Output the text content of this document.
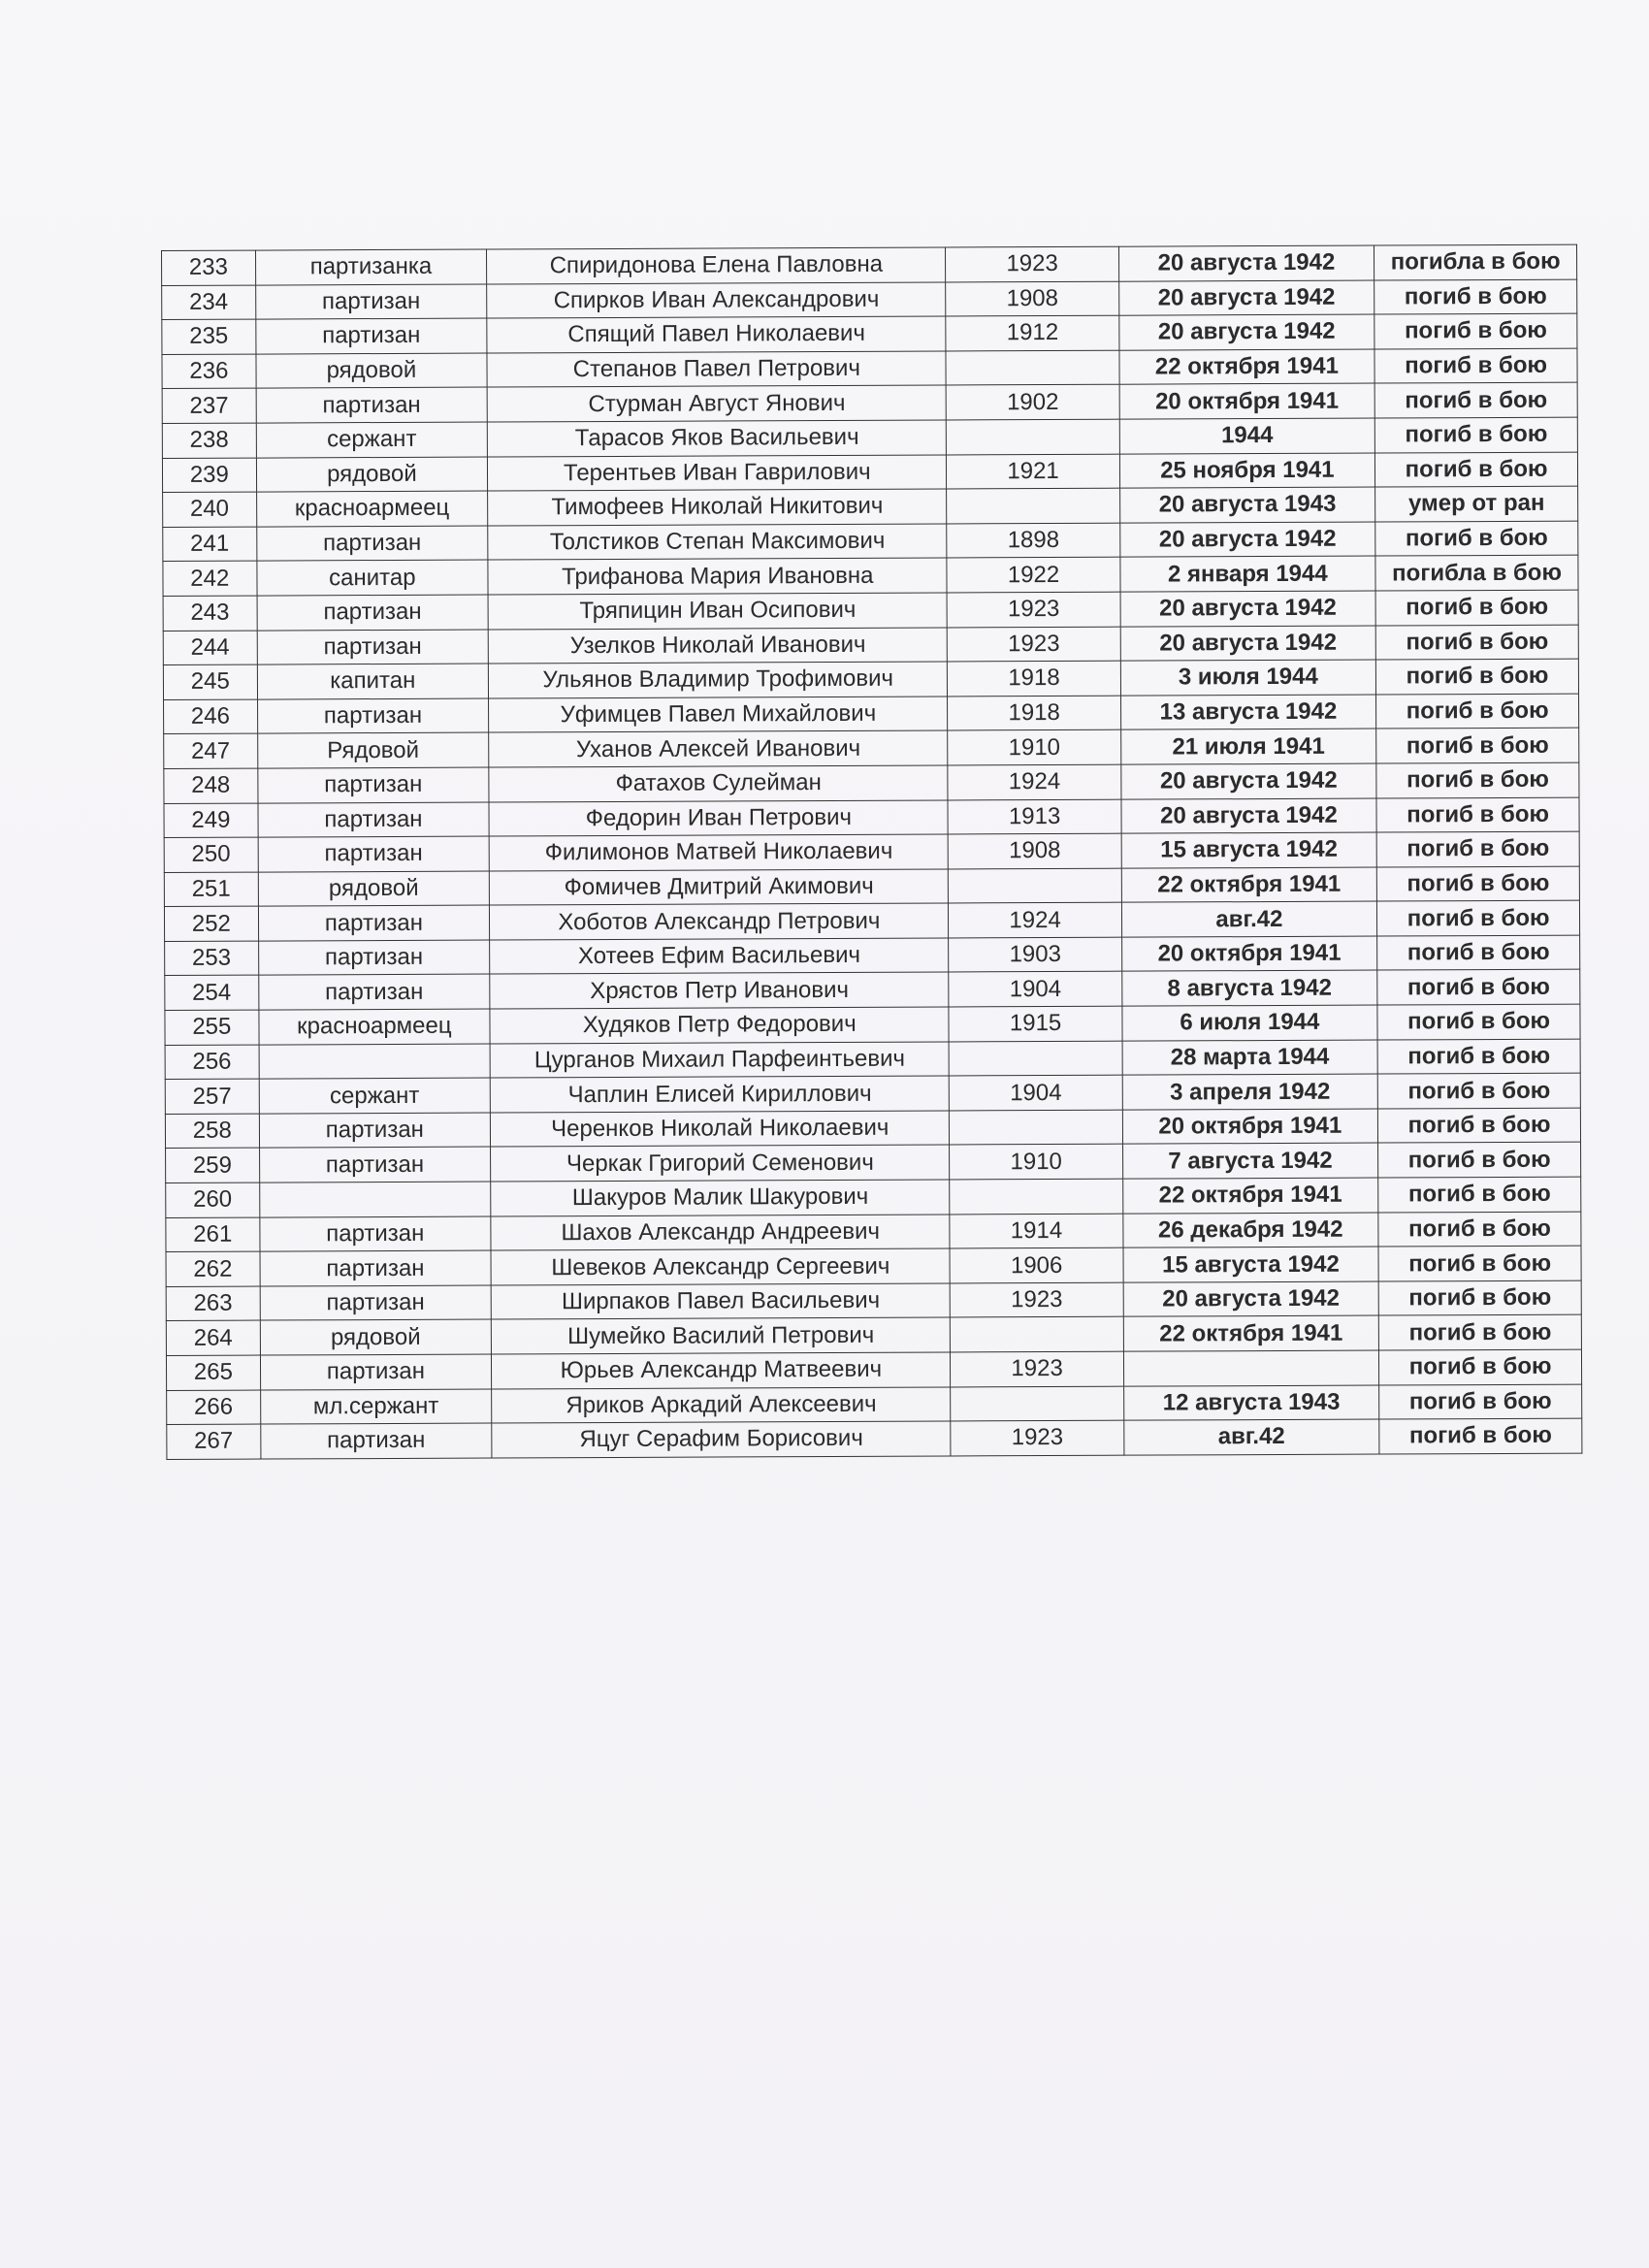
233	партизанка	Спиридонова Елена Павловна	1923	20 августа 1942	погибла в бою
234	партизан	Спирков Иван Александрович	1908	20 августа 1942	погиб в бою
235	партизан	Спящий Павел Николаевич	1912	20 августа 1942	погиб в бою
236	рядовой	Степанов Павел Петрович		22 октября 1941	погиб в бою
237	партизан	Стурман Август Янович	1902	20 октября 1941	погиб в бою
238	сержант	Тарасов Яков Васильевич		1944	погиб в бою
239	рядовой	Терентьев Иван Гаврилович	1921	25 ноября 1941	погиб в бою
240	красноармеец	Тимофеев Николай Никитович		20 августа 1943	умер от ран
241	партизан	Толстиков Степан Максимович	1898	20 августа 1942	погиб в бою
242	санитар	Трифанова Мария Ивановна	1922	2 января 1944	погибла в бою
243	партизан	Тряпицин Иван Осипович	1923	20 августа 1942	погиб в бою
244	партизан	Узелков Николай Иванович	1923	20 августа 1942	погиб в бою
245	капитан	Ульянов Владимир Трофимович	1918	3 июля 1944	погиб в бою
246	партизан	Уфимцев Павел Михайлович	1918	13 августа 1942	погиб в бою
247	Рядовой	Уханов Алексей Иванович	1910	21 июля 1941	погиб в бою
248	партизан	Фатахов Сулейман	1924	20 августа 1942	погиб в бою
249	партизан	Федорин Иван Петрович	1913	20 августа 1942	погиб в бою
250	партизан	Филимонов Матвей Николаевич	1908	15 августа 1942	погиб в бою
251	рядовой	Фомичев Дмитрий Акимович		22 октября 1941	погиб в бою
252	партизан	Хоботов Александр Петрович	1924	авг.42	погиб в бою
253	партизан	Хотеев Ефим Васильевич	1903	20 октября 1941	погиб в бою
254	партизан	Хрястов Петр Иванович	1904	8 августа 1942	погиб в бою
255	красноармеец	Худяков Петр Федорович	1915	6 июля 1944	погиб в бою
256		Цурганов Михаил Парфеинтьевич		28 марта 1944	погиб в бою
257	сержант	Чаплин Елисей Кириллович	1904	3 апреля 1942	погиб в бою
258	партизан	Черенков Николай Николаевич		20 октября 1941	погиб в бою
259	партизан	Черкак Григорий Семенович	1910	7 августа 1942	погиб в бою
260		Шакуров Малик Шакурович		22 октября 1941	погиб в бою
261	партизан	Шахов Александр Андреевич	1914	26 декабря 1942	погиб в бою
262	партизан	Шевеков Александр Сергеевич	1906	15 августа 1942	погиб в бою
263	партизан	Ширпаков Павел Васильевич	1923	20 августа 1942	погиб в бою
264	рядовой	Шумейко Василий Петрович		22 октября 1941	погиб в бою
265	партизан	Юрьев Александр Матвеевич	1923		погиб в бою
266	мл.сержант	Яриков Аркадий Алексеевич		12 августа 1943	погиб в бою
267	партизан	Яцуг Серафим Борисович	1923	авг.42	погиб в бою
